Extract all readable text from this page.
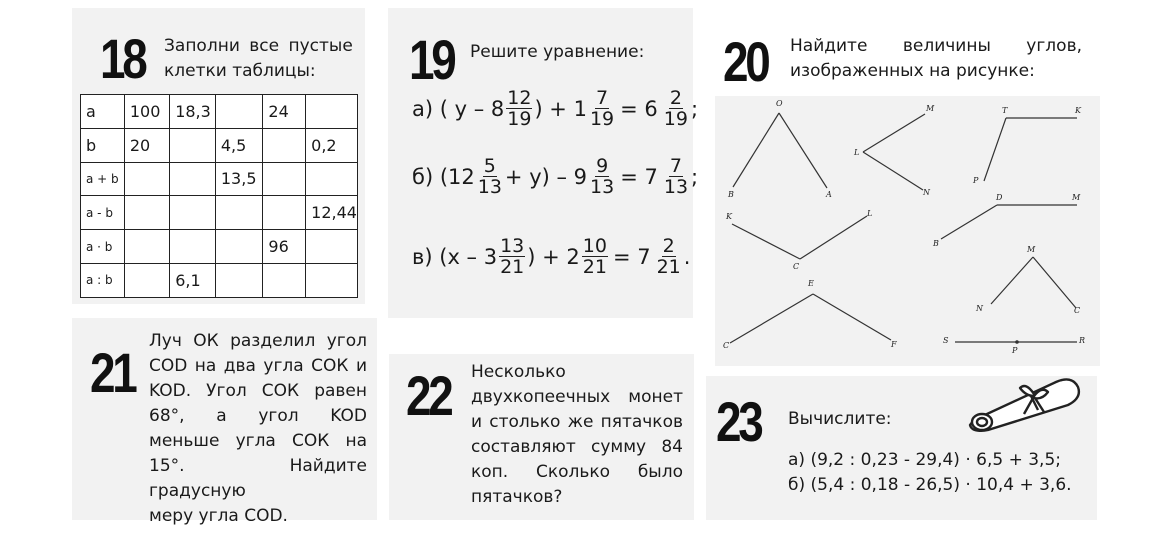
18 Заполни все пустые
клетки таблицы:
a	100	18,3		24	
b	20		4,5		0,2
a + b			13,5		
a - b					12,44
a · b				96	
a : b		6,1			
19 Решите уравнение:
а) ( y – $8 \frac{12}{19}$ ) + $1 \frac{7}{19} = 6 \frac{2}{19}$ ;
б) $(12 \frac{5}{13} + y) - 9 \frac{9}{13} = 7 \frac{7}{13}$ ;
в) ($x - 3 \frac{13}{21}$ ) + $2 \frac{10}{21} = 7 \frac{2}{21}$ .
20 Найдите величины углов,
изображенных на рисунке:
O
B	A
L
M
N
T	K
P
K	L
C
D	M
B
E
C	F
M
N	C
S
P
R
21 Луч ОК разделил угол
COD на два угла СОК и
KOD. Угол СОК равен
68°, а угол KOD
меньше угла СОК на
15°. Найдите градусную
меру угла COD.
22 Несколько
двухкопеечных монет
и столько же пятачков
составляют сумму 84
коп. Сколько было
пятачков?
23 Вычислите:
а) (9,2 : 0,23 - 29,4) · 6,5 + 3,5;
б) (5,4 : 0,18 - 26,5) · 10,4 + 3,6.
